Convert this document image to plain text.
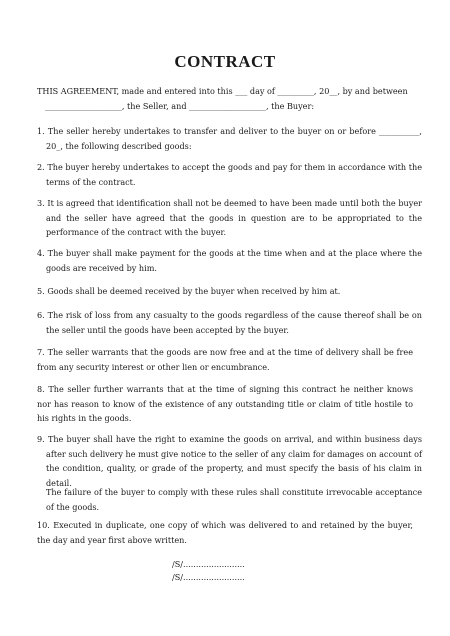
CONTRACT

THIS AGREEMENT, made and entered into this ___ day of _________, 20__, by and between

___________________, the Seller, and ___________________, the Buyer:

1. The seller hereby undertakes to transfer and deliver to the buyer on or before __________, 20_, the following described goods:
2. The buyer hereby undertakes to accept the goods and pay for them in accordance with the terms of the contract.
3. It is agreed that identification shall not be deemed to have been made until both the buyer and the seller have agreed that the goods in question are to be appropriated to the performance of the contract with the buyer.
4. The buyer shall make payment for the goods at the time when and at the place where the goods are received by him.
5. Goods shall be deemed received by the buyer when received by him at.
6. The risk of loss from any casualty to the goods regardless of the cause thereof shall be on the seller until the goods have been accepted by the buyer.
7. The seller warrants that the goods are now free and at the time of delivery shall be free from any security interest or other lien or encumbrance.
8. The seller further warrants that at the time of signing this contract he neither knows nor has reason to know of the existence of any outstanding title or claim of title hostile to his rights in the goods.
9. The buyer shall have the right to examine the goods on arrival, and within business days after such delivery he must give notice to the seller of any claim for damages on account of the condition, quality, or grade of the property, and must specify the basis of his claim in detail.
The failure of the buyer to comply with these rules shall constitute irrevocable acceptance of the goods.
10. Executed in duplicate, one copy of which was delivered to and retained by the buyer, the day and year first above written.
/S/........................
/S/........................
